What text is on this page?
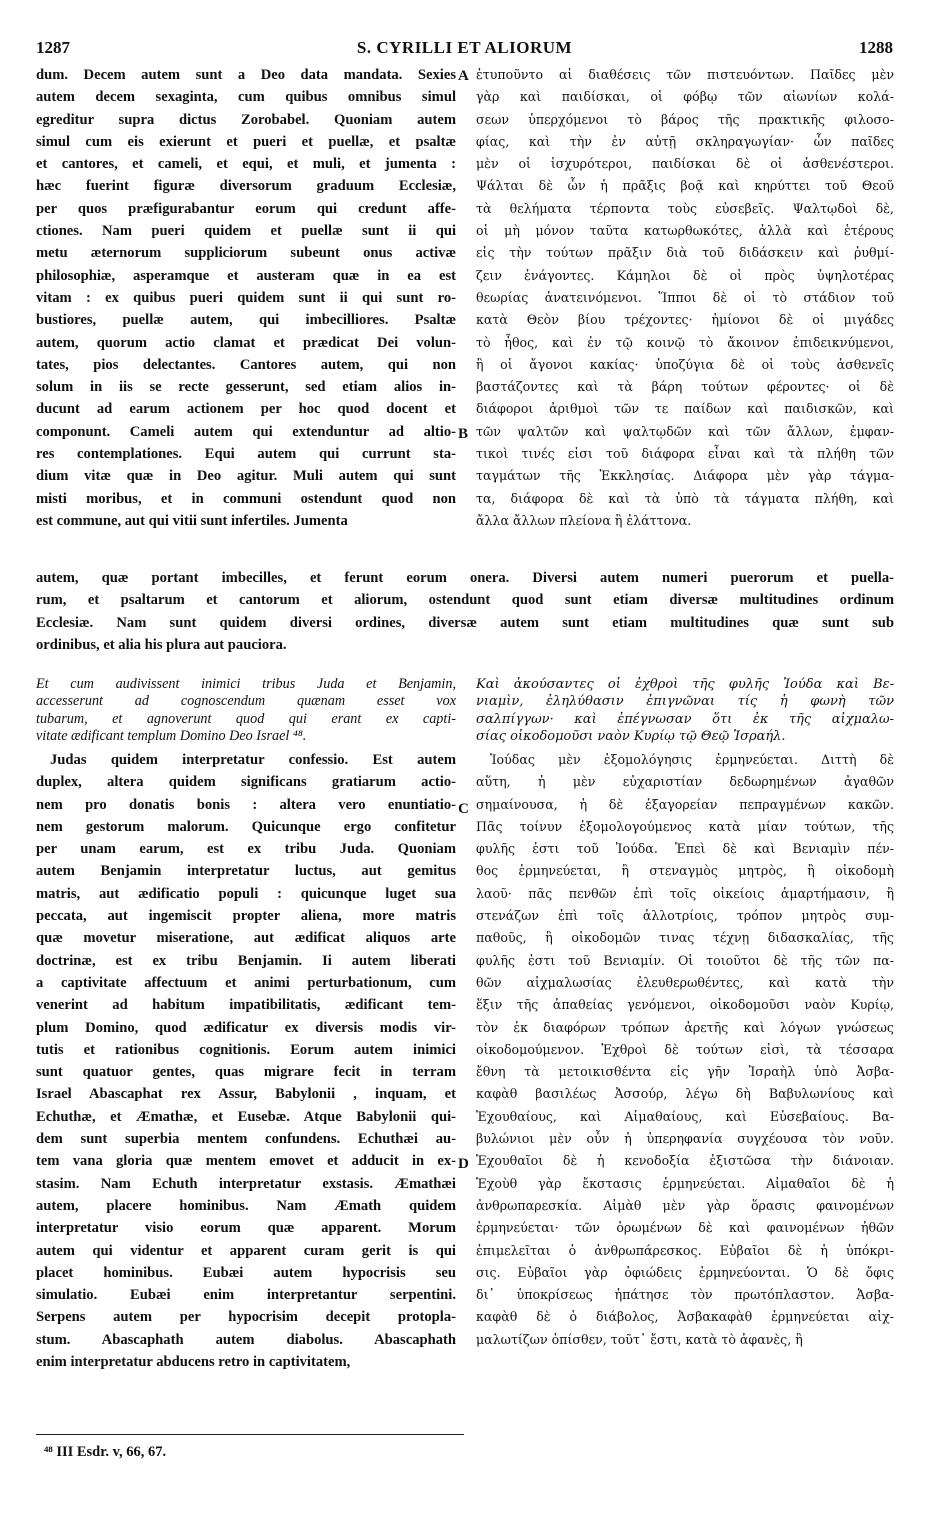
1287	S. CYRILLI ET ALIORUM	1288
A
B
C
D
dum. Decem autem sunt a Deo data mandata. Sexies
autem decem sexaginta, cum quibus omnibus simul
egreditur supra dictus Zorobabel. Quoniam autem
simul cum eis exierunt et pueri et puellæ, et psaltæ
et cantores, et cameli, et equi, et muli, et jumenta :
hæc fuerint figuræ diversorum graduum Ecclesiæ,
per quos præfigurabantur eorum qui credunt affe-
ctiones. Nam pueri quidem et puellæ sunt ii qui
metu æternorum suppliciorum subeunt onus activæ
philosophiæ, asperamque et austeram quæ in ea est
vitam : ex quibus pueri quidem sunt ii qui sunt ro-
bustiores, puellæ autem, qui imbecilliores. Psaltæ
autem, quorum actio clamat et prædicat Dei volun-
tates, pios delectantes. Cantores autem, qui non
solum in iis se recte gesserunt, sed etiam alios in-
ducunt ad earum actionem per hoc quod docent et
componunt. Cameli autem qui extenduntur ad altio-
res contemplationes. Equi autem qui currunt sta-
dium vitæ quæ in Deo agitur. Muli autem qui sunt
misti moribus, et in communi ostendunt quod non
est commune, aut qui vitii sunt infertiles. Jumenta
ἐτυποῦντο αἱ διαθέσεις τῶν πιστευόντων. Παῖδες μὲν
γὰρ καὶ παιδίσκαι, οἱ φόβῳ τῶν αἰωνίων κολά-
σεων ὑπερχόμενοι τὸ βάρος τῆς πρακτικῆς φιλοσο-
φίας, καὶ τὴν ἐν αὐτῇ σκληραγωγίαν· ὧν παῖδες
μὲν οἱ ἰσχυρότεροι, παιδίσκαι δὲ οἱ ἀσθενέστεροι.
Ψάλται δὲ ὧν ἡ πρᾶξις βοᾷ καὶ κηρύττει τοῦ Θεοῦ
τὰ θελήματα τέρποντα τοὺς εὐσεβεῖς. Ψαλτῳδοὶ δὲ,
οἱ μὴ μόνον ταῦτα κατωρθωκότες, ἀλλὰ καὶ ἑτέρους
εἰς τὴν τούτων πρᾶξιν διὰ τοῦ διδάσκειν καὶ ῥυθμί-
ζειν ἐνάγοντες. Κάμηλοι δὲ οἱ πρὸς ὑψηλοτέρας
θεωρίας ἀνατεινόμενοι. Ἵπποι δὲ οἱ τὸ στάδιον τοῦ
κατὰ Θεὸν βίου τρέχοντες· ἡμίονοι δὲ οἱ μιγάδες
τὸ ἦθος, καὶ ἐν τῷ κοινῷ τὸ ἄκοινον ἐπιδεικνύμενοι,
ἢ οἱ ἄγονοι κακίας· ὑποζύγια δὲ οἱ τοὺς ἀσθενεῖς
βαστάζοντες καὶ τὰ βάρη τούτων φέροντες· οἱ δὲ
διάφοροι ἀριθμοὶ τῶν τε παίδων καὶ παιδισκῶν, καὶ
τῶν ψαλτῶν καὶ ψαλτῳδῶν καὶ τῶν ἄλλων, ἐμφαν-
τικοὶ τινές εἰσι τοῦ διάφορα εἶναι καὶ τὰ πλήθη τῶν
ταγμάτων τῆς Ἐκκλησίας. Διάφορα μὲν γὰρ τάγμα-
τα, διάφορα δὲ καὶ τὰ ὑπὸ τὰ τάγματα πλήθη, καὶ
ἄλλα ἄλλων πλείονα ἢ ἐλάττονα.
autem, quæ portant imbecilles, et ferunt eorum onera. Diversi autem numeri puerorum et puella-
rum, et psaltarum et cantorum et aliorum, ostendunt quod sunt etiam diversæ multitudines ordinum
Ecclesiæ. Nam sunt quidem diversi ordines, diversæ autem sunt etiam multitudines quæ sunt sub
ordinibus, et alia his plura aut pauciora.
Et cum audivissent inimici tribus Juda et Benjamin,
accesserunt ad cognoscendum quænam esset vox
tubarum, et agnoverunt quod qui erant ex capti-
vitate ædificant templum Domino Deo Israel ⁴⁸.
Καὶ ἀκούσαντες οἱ ἐχθροὶ τῆς φυλῆς Ἰούδα καὶ Βε-
νιαμὶν, ἐληλύθασιν ἐπιγνῶναι τίς ἡ φωνὴ τῶν
σαλπίγγων· καὶ ἐπέγνωσαν ὅτι ἐκ τῆς αἰχμαλω-
σίας οἰκοδομοῦσι ναὸν Κυρίῳ τῷ Θεῷ Ἰσραήλ.
Judas quidem interpretatur confessio. Est autem
duplex, altera quidem significans gratiarum actio-
nem pro donatis bonis : altera vero enuntiatio-
nem gestorum malorum. Quicunque ergo confitetur
per unam earum, est ex tribu Juda. Quoniam
autem Benjamin interpretatur luctus, aut gemitus
matris, aut ædificatio populi : quicunque luget sua
peccata, aut ingemiscit propter aliena, more matris
quæ movetur miseratione, aut ædificat aliquos arte
doctrinæ, est ex tribu Benjamin. Ii autem liberati
a captivitate affectuum et animi perturbationum, cum
venerint ad habitum impatibilitatis, ædificant tem-
plum Domino, quod ædificatur ex diversis modis vir-
tutis et rationibus cognitionis. Eorum autem inimici
sunt quatuor gentes, quas migrare fecit in terram
Israel Abascaphat rex Assur, Babylonii , inquam, et
Echuthæ, et Æmathæ, et Eusebæ. Atque Babylonii qui-
dem sunt superbia mentem confundens. Echuthæi au-
tem vana gloria quæ mentem emovet et adducit in ex-
stasim. Nam Echuth interpretatur exstasis. Æmathæi
autem, placere hominibus. Nam Æmath quidem
interpretatur visio eorum quæ apparent. Morum
autem qui videntur et apparent curam gerit is qui
placet hominibus. Eubæi autem hypocrisis seu
simulatio. Eubæi enim interpretantur serpentini.
Serpens autem per hypocrisim decepit protopla-
stum. Abascaphath autem diabolus. Abascaphath
enim interpretatur abducens retro in captivitatem,
Ἰούδας μὲν ἐξομολόγησις ἑρμηνεύεται. Διττὴ δὲ
αὕτη, ἡ μὲν εὐχαριστίαν δεδωρημένων ἀγαθῶν
σημαίνουσα, ἡ δὲ ἐξαγορείαν πεπραγμένων κακῶν.
Πᾶς τοίνυν ἐξομολογούμενος κατὰ μίαν τούτων, τῆς
φυλῆς ἐστι τοῦ Ἰούδα. Ἐπεὶ δὲ καὶ Βενιαμὶν πέν-
θος ἑρμηνεύεται, ἢ στεναγμὸς μητρὸς, ἢ οἰκοδομὴ
λαοῦ· πᾶς πενθῶν ἐπὶ τοῖς οἰκείοις ἁμαρτήμασιν, ἢ
στενάζων ἐπὶ τοῖς ἀλλοτρίοις, τρόπον μητρὸς συμ-
παθοῦς, ἢ οἰκοδομῶν τινας τέχνῃ διδασκαλίας, τῆς
φυλῆς ἐστι τοῦ Βενιαμίν. Οἱ τοιοῦτοι δὲ τῆς τῶν πα-
θῶν αἰχμαλωσίας ἐλευθερωθέντες, καὶ κατὰ τὴν
ἕξιν τῆς ἀπαθείας γενόμενοι, οἰκοδομοῦσι ναὸν Κυρίῳ,
τὸν ἐκ διαφόρων τρόπων ἀρετῆς καὶ λόγων γνώσεως
οἰκοδομούμενον. Ἐχθροὶ δὲ τούτων εἰσὶ, τὰ τέσσαρα
ἔθνη τὰ μετοικισθέντα εἰς γῆν Ἰσραὴλ ὑπὸ Ἀσβα-
καφὰθ βασιλέως Ἀσσούρ, λέγω δὴ Βαβυλωνίους καὶ
Ἐχουθαίους, καὶ Αἰμαθαίους, καὶ Εὐσεβαίους. Βα-
βυλώνιοι μὲν οὖν ἡ ὑπερηφανία συγχέουσα τὸν νοῦν.
Ἐχουθαῖοι δὲ ἡ κενοδοξία ἐξιστῶσα τὴν διάνοιαν.
Ἐχοὺθ γὰρ ἔκστασις ἑρμηνεύεται. Αἰμαθαῖοι δὲ ἡ
ἀνθρωπαρεσκία. Αἰμὰθ μὲν γὰρ ὅρασις φαινομένων
ἑρμηνεύεται· τῶν ὁρωμένων δὲ καὶ φαινομένων ἠθῶν
ἐπιμελεῖται ὁ ἀνθρωπάρεσκος. Εὐβαῖοι δὲ ἡ ὑπόκρι-
σις. Εὐβαῖοι γὰρ ὀφιώδεις ἑρμηνεύονται. Ὁ δὲ ὄφις
δι᾿ ὑποκρίσεως ἠπάτησε τὸν πρωτόπλαστον. Ἀσβα-
καφὰθ δὲ ὁ διάβολος, Ἀσβακαφὰθ ἑρμηνεύεται αἰχ-
μαλωτίζων ὀπίσθεν, τοῦτ᾿ ἔστι, κατὰ τὸ ἀφανὲς, ἢ
⁴⁸ III Esdr. v, 66, 67.
